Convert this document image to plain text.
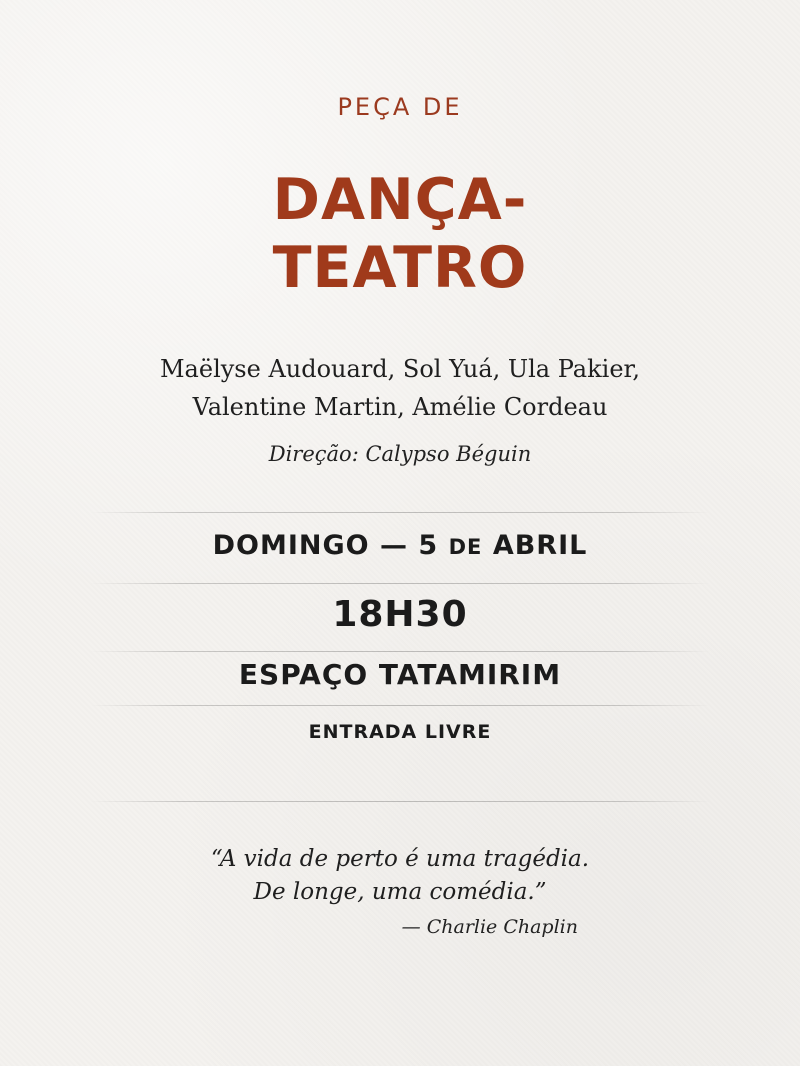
PEÇA DE
DANÇA-
TEATRO
Maëlyse Audouard, Sol Yuá, Ula Pakier,
Valentine Martin, Amélie Cordeau
Direção: Calypso Béguin
DOMINGO — 5 DE ABRIL
18H30
ESPAÇO TATAMIRIM
ENTRADA LIVRE
“A vida de perto é uma tragédia.
De longe, uma comédia.”
— Charlie Chaplin
